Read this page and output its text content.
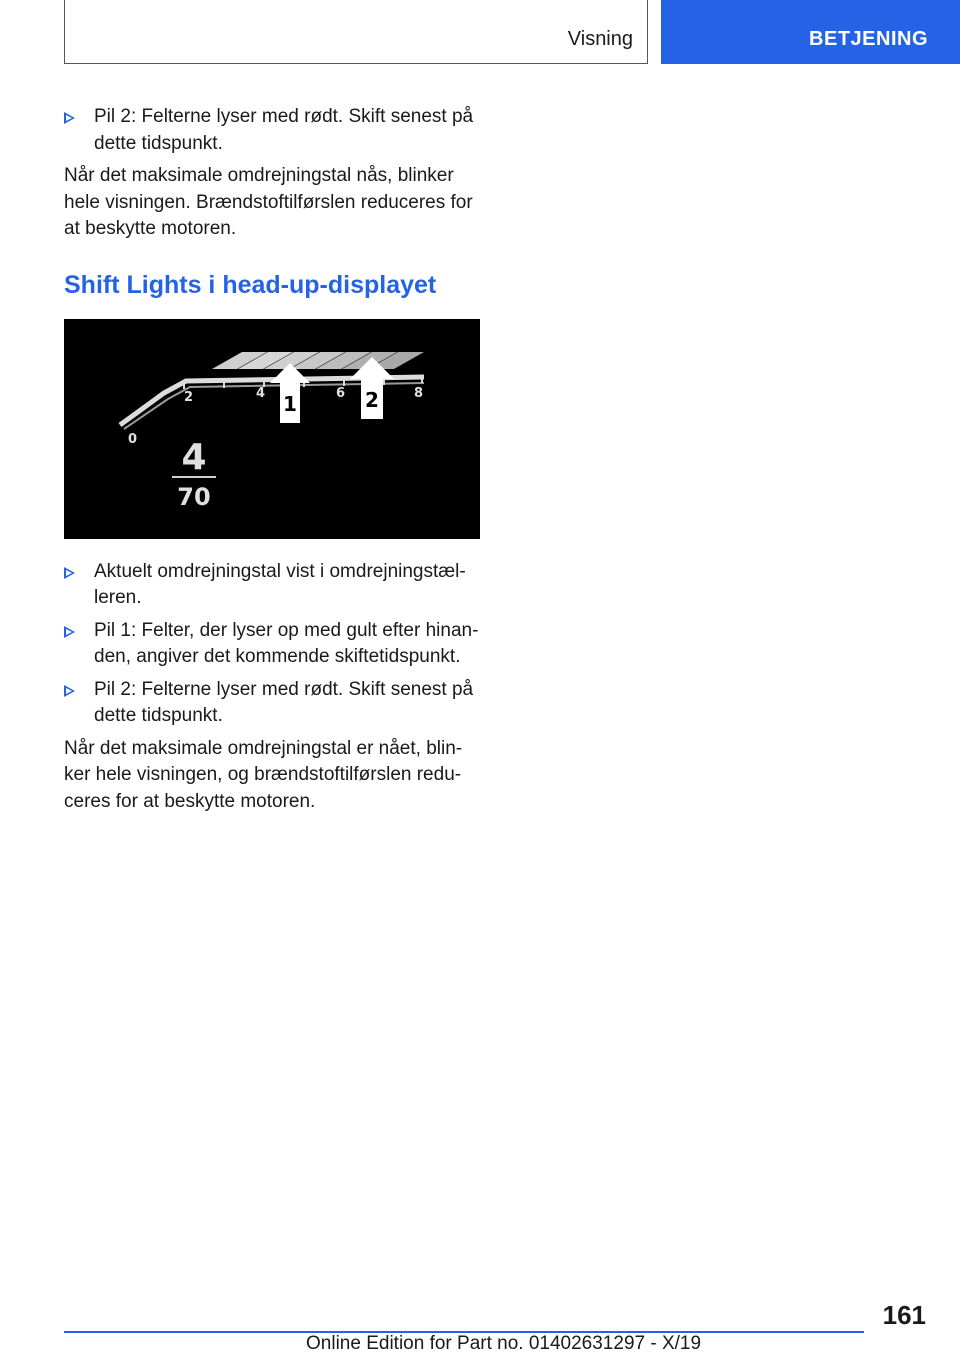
Visning	BETJENING
Pil 2: Felterne lyser med rødt. Skift senest på dette tidspunkt.

Når det maksimale omdrejningstal nås, blinker hele visningen. Brændstoftilførslen reduceres for at beskytte motoren.

Shift Lights i head-up-displayet
0
2	4	6	8
1	2
4
70
Aktuelt omdrejningstal vist i omdrejningstælleren.
Pil 1: Felter, der lyser op med gult efter hinanden, angiver det kommende skiftetidspunkt.
Pil 2: Felterne lyser med rødt. Skift senest på dette tidspunkt.

Når det maksimale omdrejningstal er nået, blinker hele visningen, og brændstoftilførslen reduceres for at beskytte motoren.

161
Online Edition for Part no. 01402631297 - X/19
